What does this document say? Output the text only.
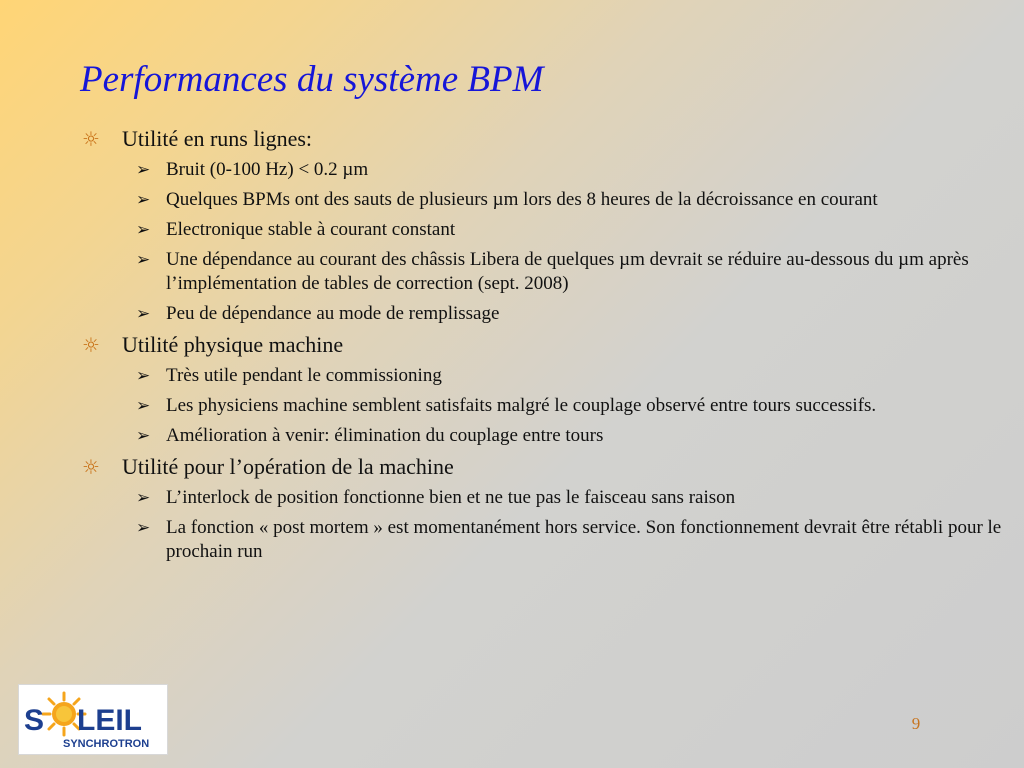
Performances du système BPM
☼ Utilité en runs lignes:
➢ Bruit (0-100 Hz) < 0.2 µm
➢ Quelques BPMs ont des sauts de plusieurs µm lors des 8 heures de la décroissance en courant
➢ Electronique stable à courant constant
➢ Une dépendance au courant des châssis Libera de quelques µm devrait se réduire au-dessous du µm après l’implémentation de tables de correction (sept. 2008)
➢ Peu de dépendance au mode de remplissage
☼ Utilité physique machine
➢ Très utile pendant le commissioning
➢ Les physiciens machine semblent satisfaits malgré le couplage observé entre tours successifs.
➢ Amélioration à venir: élimination du couplage entre tours
☼ Utilité pour l’opération de la machine
➢ L’interlock de position fonctionne bien et ne tue pas le faisceau sans raison
➢ La fonction « post mortem » est momentanément hors service. Son fonctionnement devrait être rétabli pour le prochain run
S LEIL
SYNCHROTRON
9
